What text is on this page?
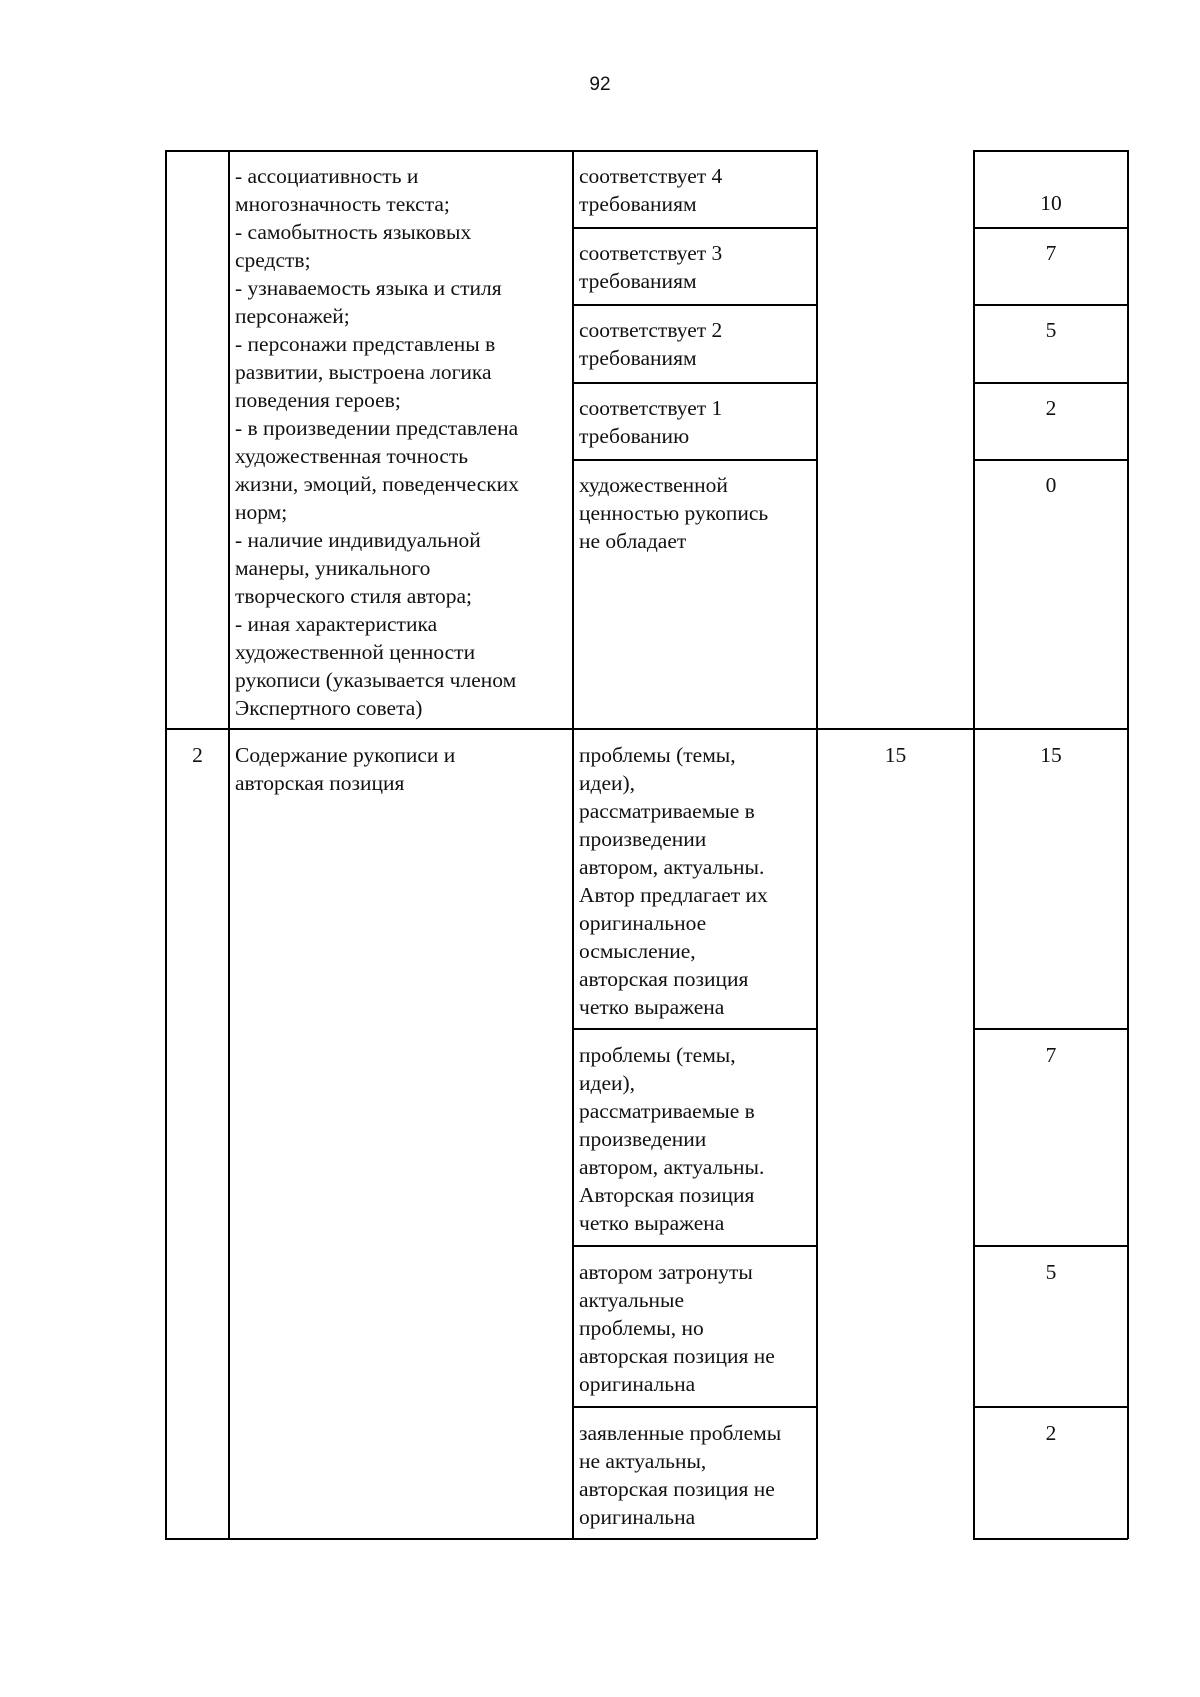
92
- ассоциативность и
многозначность текста;
- самобытность языковых
средств;
- узнаваемость языка и стиля
персонажей;
- персонажи представлены в
развитии, выстроена логика
поведения героев;
- в произведении представлена
художественная точность
жизни, эмоций, поведенческих
норм;
- наличие индивидуальной
манеры, уникального
творческого стиля автора;
- иная характеристика
художественной ценности
рукописи (указывается членом
Экспертного совета)
соответствует 4
требованиям	10
соответствует 3
требованиям
7
соответствует 2
требованиям
5
соответствует 1
требованию
2
художественной
ценностью рукопись
не обладает
0
2	Содержание рукописи и
авторская позиция
15
проблемы (темы,
идеи),
рассматриваемые в
произведении
автором, актуальны.
Автор предлагает их
оригинальное
осмысление,
авторская позиция
четко выражена
15
проблемы (темы,
идеи),
рассматриваемые в
произведении
автором, актуальны.
Авторская позиция
четко выражена
7
автором затронуты
актуальные
проблемы, но
авторская позиция не
оригинальна
5
заявленные проблемы
не актуальны,
авторская позиция не
оригинальна
2
